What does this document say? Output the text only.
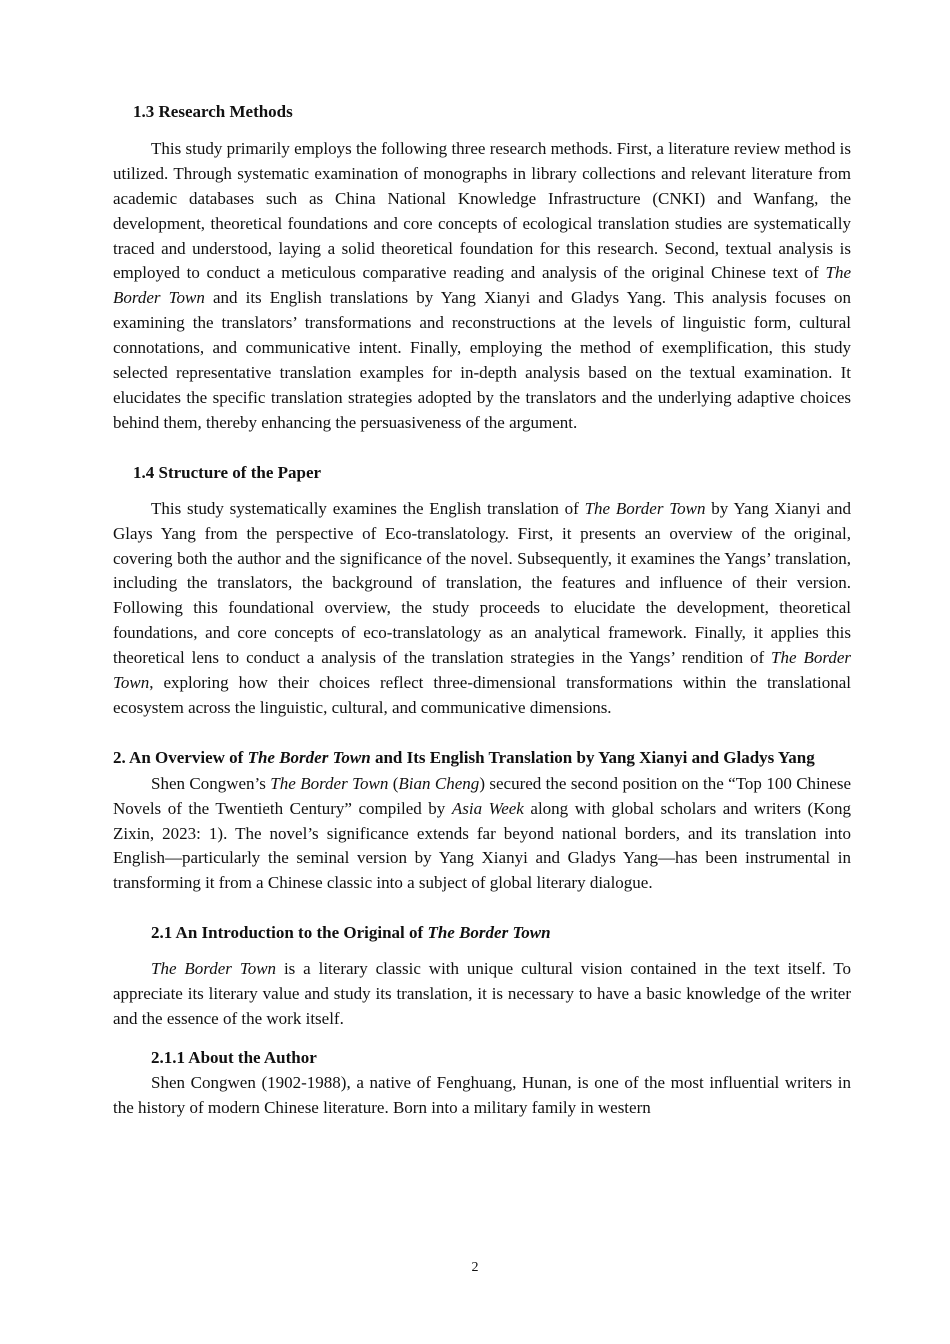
1.3 Research Methods

This study primarily employs the following three research methods. First, a literature review method is utilized. Through systematic examination of monographs in library collections and relevant literature from academic databases such as China National Knowledge Infrastructure (CNKI) and Wanfang, the development, theoretical foundations and core concepts of ecological translation studies are systematically traced and understood, laying a solid theoretical foundation for this research. Second, textual analysis is employed to conduct a meticulous comparative reading and analysis of the original Chinese text of The Border Town and its English translations by Yang Xianyi and Gladys Yang. This analysis focuses on examining the translators’ transformations and reconstructions at the levels of linguistic form, cultural connotations, and communicative intent. Finally, employing the method of exemplification, this study selected representative translation examples for in-depth analysis based on the textual examination. It elucidates the specific translation strategies adopted by the translators and the underlying adaptive choices behind them, thereby enhancing the persuasiveness of the argument.

1.4 Structure of the Paper

This study systematically examines the English translation of The Border Town by Yang Xianyi and Glays Yang from the perspective of Eco-translatology. First, it presents an overview of the original, covering both the author and the significance of the novel. Subsequently, it examines the Yangs’ translation, including the translators, the background of translation, the features and influence of their version. Following this foundational overview, the study proceeds to elucidate the development, theoretical foundations, and core concepts of eco-translatology as an analytical framework. Finally, it applies this theoretical lens to conduct a analysis of the translation strategies in the Yangs’ rendition of The Border Town, exploring how their choices reflect three-dimensional transformations within the translational ecosystem across the linguistic, cultural, and communicative dimensions.

2. An Overview of The Border Town and Its English Translation by Yang Xianyi and Gladys Yang

Shen Congwen’s The Border Town (Bian Cheng) secured the second position on the “Top 100 Chinese Novels of the Twentieth Century” compiled by Asia Week along with global scholars and writers (Kong Zixin, 2023: 1). The novel’s significance extends far beyond national borders, and its translation into English—particularly the seminal version by Yang Xianyi and Gladys Yang—has been instrumental in transforming it from a Chinese classic into a subject of global literary dialogue.

2.1 An Introduction to the Original of The Border Town

The Border Town is a literary classic with unique cultural vision contained in the text itself. To appreciate its literary value and study its translation, it is necessary to have a basic knowledge of the writer and the essence of the work itself.

2.1.1 About the Author

Shen Congwen (1902-1988), a native of Fenghuang, Hunan, is one of the most influential writers in the history of modern Chinese literature. Born into a military family in western

2
